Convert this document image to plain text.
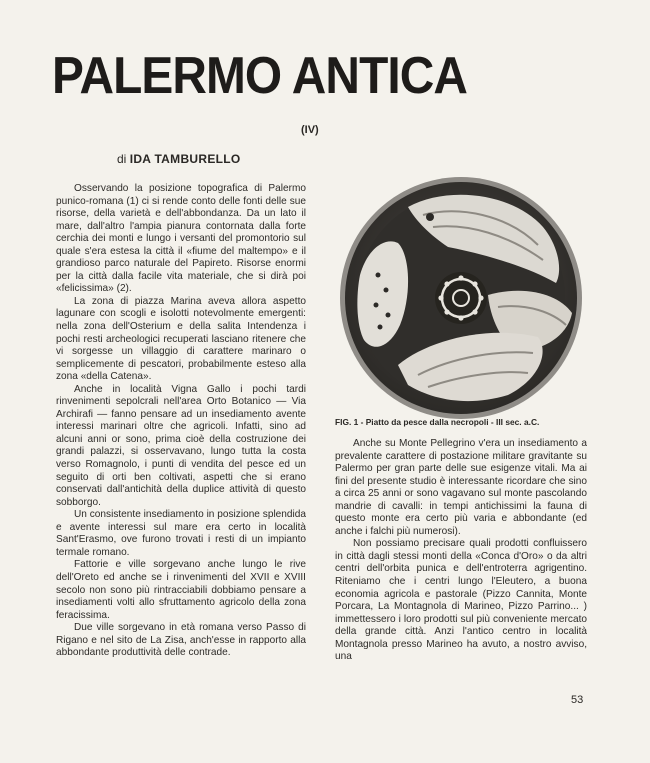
PALERMO ANTICA
(IV)
di IDA TAMBURELLO

Osservando la posizione topografica di Palermo punico-romana (1) ci si rende conto delle fonti delle sue risorse, della varietà e dell'abbondanza. Da un lato il mare, dall'altro l'ampia pianura contornata dalla forte cerchia dei monti e lungo i versanti del promontorio sul quale s'era estesa la città il «fiume del maltempo» e il grandioso parco naturale del Papireto. Risorse enormi per la città dalla facile vita materiale, che si dirà poi «felicissima» (2).

La zona di piazza Marina aveva allora aspetto lagunare con scogli e isolotti notevolmente emergenti: nella zona dell'Osterium e della salita Intendenza i pochi resti archeologici recuperati lasciano ritenere che vi sorgesse un villaggio di carattere marinaro o semplicemente di pescatori, probabilmente esteso alla zona «della Catena».

Anche in località Vigna Gallo i pochi tardi rinvenimenti sepolcrali nell'area Orto Botanico — Via Archirafi — fanno pensare ad un insediamento avente interessi marinari oltre che agricoli. Infatti, sino ad alcuni anni or sono, prima cioè della costruzione dei grandi palazzi, si osservavano, lungo tutta la costa verso Romagnolo, i punti di vendita del pesce ed un seguito di orti ben coltivati, aspetti che si erano conservati dall'antichità della duplice attività di questo sobborgo.

Un consistente insediamento in posizione splendida e avente interessi sul mare era certo in località Sant'Erasmo, ove furono trovati i resti di un impianto termale romano.

Fattorie e ville sorgevano anche lungo le rive dell'Oreto ed anche se i rinvenimenti del XVII e XVIII secolo non sono più rintracciabili dobbiamo pensare a insediamenti volti allo sfruttamento agricolo della zona feracissima.

Due ville sorgevano in età romana verso Passo di Rigano e nel sito de La Zisa, anch'esse in rapporto alla abbondante produttività delle contrade.

FIG. 1 - Piatto da pesce dalla necropoli - III sec. a.C.

Anche su Monte Pellegrino v'era un insediamento a prevalente carattere di postazione militare gravitante su Palermo per gran parte delle sue esigenze vitali. Ma ai fini del presente studio è interessante ricordare che sino a circa 25 anni or sono vagavano sul monte pascolando mandrie di cavalli: in tempi antichissimi la fauna di questo monte era certo più varia e abbondante (ed anche i falchi più numerosi).

Non possiamo precisare quali prodotti confluissero in città dagli stessi monti della «Conca d'Oro» o da altri centri dell'orbita punica e dell'entroterra agrigentino. Riteniamo che i centri lungo l'Eleutero, a buona economia agricola e pastorale (Pizzo Cannita, Monte Porcara, La Montagnola di Marineo, Pizzo Parrino... ) immettessero i loro prodotti sul più conveniente mercato della grande città. Anzi l'antico centro in località Montagnola presso Marineo ha avuto, a nostro avviso, una

53
